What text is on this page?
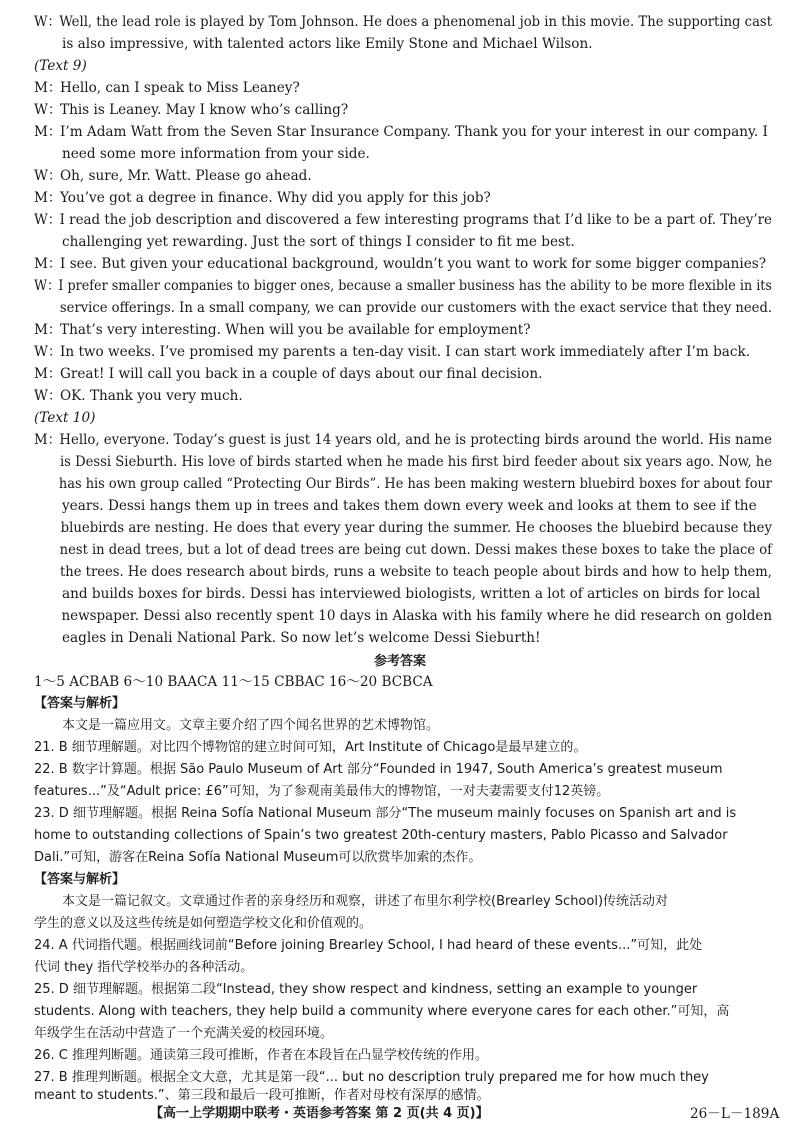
W：Well, the lead role is played by Tom Johnson. He does a phenomenal job in this movie. The supporting cast
is also impressive, with talented actors like Emily Stone and Michael Wilson.
(Text 9)
M：Hello, can I speak to Miss Leaney?
W：This is Leaney. May I know who’s calling?
M：I’m Adam Watt from the Seven Star Insurance Company. Thank you for your interest in our company. I
need some more information from your side.
W：Oh, sure, Mr. Watt. Please go ahead.
M：You’ve got a degree in finance. Why did you apply for this job?
W：I read the job description and discovered a few interesting programs that I’d like to be a part of. They’re
challenging yet rewarding. Just the sort of things I consider to fit me best.
M：I see. But given your educational background, wouldn’t you want to work for some bigger companies?
W：I prefer smaller companies to bigger ones, because a smaller business has the ability to be more flexible in its
service offerings. In a small company, we can provide our customers with the exact service that they need.
M：That’s very interesting. When will you be available for employment?
W：In two weeks. I’ve promised my parents a ten-day visit. I can start work immediately after I’m back.
M：Great! I will call you back in a couple of days about our final decision.
W：OK. Thank you very much.
(Text 10)
M：Hello, everyone. Today’s guest is just 14 years old, and he is protecting birds around the world. His name
is Dessi Sieburth. His love of birds started when he made his first bird feeder about six years ago. Now, he
has his own group called “Protecting Our Birds”. He has been making western bluebird boxes for about four
years. Dessi hangs them up in trees and takes them down every week and looks at them to see if the
bluebirds are nesting. He does that every year during the summer. He chooses the bluebird because they
nest in dead trees, but a lot of dead trees are being cut down. Dessi makes these boxes to take the place of
the trees. He does research about birds, runs a website to teach people about birds and how to help them,
and builds boxes for birds. Dessi has interviewed biologists, written a lot of articles on birds for local
newspaper. Dessi also recently spent 10 days in Alaska with his family where he did research on golden
eagles in Denali National Park. So now let’s welcome Dessi Sieburth!
参考答案
1～5 ACBAB 6～10 BAACA 11～15 CBBAC 16～20 BCBCA
【答案与解析】
本文是一篇应用文。文章主要介绍了四个闻名世界的艺术博物馆。
21. B 细节理解题。对比四个博物馆的建立时间可知，Art Institute of Chicago是最早建立的。
22. B 数字计算题。根据 São Paulo Museum of Art 部分“Founded in 1947, South America’s greatest museum
features...”及“Adult price: £6”可知，为了参观南美最伟大的博物馆，一对夫妻需要支付12英镑。
23. D 细节理解题。根据 Reina Sofía National Museum 部分“The museum mainly focuses on Spanish art and is
home to outstanding collections of Spain’s two greatest 20th-century masters, Pablo Picasso and Salvador
Dali.”可知，游客在Reina Sofía National Museum可以欣赏毕加索的杰作。
【答案与解析】
本文是一篇记叙文。文章通过作者的亲身经历和观察，讲述了布里尔利学校(Brearley School)传统活动对
学生的意义以及这些传统是如何塑造学校文化和价值观的。
24. A 代词指代题。根据画线词前“Before joining Brearley School, I had heard of these events...”可知，此处
代词 they 指代学校举办的各种活动。
25. D 细节理解题。根据第二段“Instead, they show respect and kindness, setting an example to younger
students. Along with teachers, they help build a community where everyone cares for each other.”可知，高
年级学生在活动中营造了一个充满关爱的校园环境。
26. C 推理判断题。通读第三段可推断，作者在本段旨在凸显学校传统的作用。
27. B 推理判断题。根据全文大意，尤其是第一段“... but no description truly prepared me for how much they
meant to students.”、第三段和最后一段可推断，作者对母校有深厚的感情。
【高一上学期期中联考・英语参考答案 第 2 页(共 4 页)】	26－L－189A
